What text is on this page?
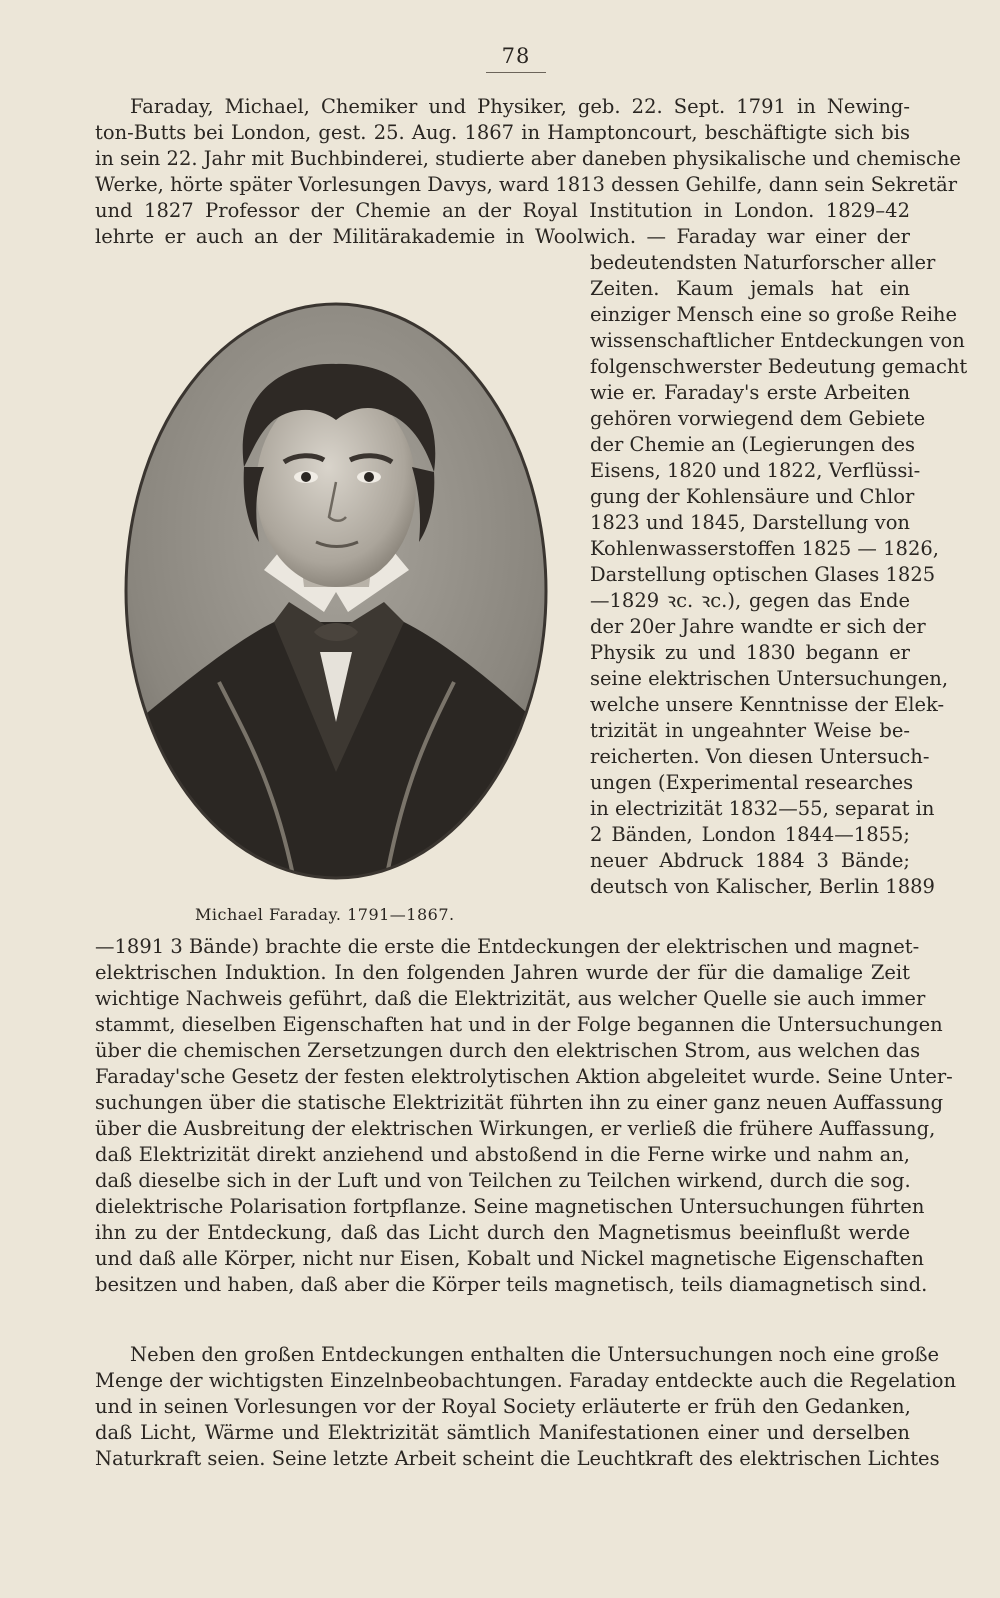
78
Faraday, Michael, Chemiker und Physiker, geb. 22. Sept. 1791 in Newing-
ton-Butts bei London, gest. 25. Aug. 1867 in Hamptoncourt, beschäftigte sich bis
in sein 22. Jahr mit Buchbinderei, studierte aber daneben physikalische und chemische
Werke, hörte später Vorlesungen Davys, ward 1813 dessen Gehilfe, dann sein Sekretär
und 1827 Professor der Chemie an der Royal Institution in London. 1829–42
lehrte er auch an der Militärakademie in Woolwich. — Faraday war einer der
bedeutendsten Naturforscher aller
Zeiten. Kaum jemals hat ein
einziger Mensch eine so große Reihe
wissenschaftlicher Entdeckungen von
folgenschwerster Bedeutung gemacht
wie er. Faraday's erste Arbeiten
gehören vorwiegend dem Gebiete
der Chemie an (Legierungen des
Eisens, 1820 und 1822, Verflüssi-
gung der Kohlensäure und Chlor
1823 und 1845, Darstellung von
Kohlenwasserstoffen 1825 — 1826,
Darstellung optischen Glases 1825
—1829 ꝛc. ꝛc.), gegen das Ende
der 20er Jahre wandte er sich der
Physik zu und 1830 begann er
seine elektrischen Untersuchungen,
welche unsere Kenntnisse der Elek-
trizität in ungeahnter Weise be-
reicherten. Von diesen Untersuch-
ungen (Experimental researches
in electrizität 1832—55, separat in
2 Bänden, London 1844—1855;
neuer Abdruck 1884 3 Bände;
deutsch von Kalischer, Berlin 1889
—1891 3 Bände) brachte die erste die Entdeckungen der elektrischen und magnet-
elektrischen Induktion. In den folgenden Jahren wurde der für die damalige Zeit
wichtige Nachweis geführt, daß die Elektrizität, aus welcher Quelle sie auch immer
stammt, dieselben Eigenschaften hat und in der Folge begannen die Untersuchungen
über die chemischen Zersetzungen durch den elektrischen Strom, aus welchen das
Faraday'sche Gesetz der festen elektrolytischen Aktion abgeleitet wurde. Seine Unter-
suchungen über die statische Elektrizität führten ihn zu einer ganz neuen Auffassung
über die Ausbreitung der elektrischen Wirkungen, er verließ die frühere Auffassung,
daß Elektrizität direkt anziehend und abstoßend in die Ferne wirke und nahm an,
daß dieselbe sich in der Luft und von Teilchen zu Teilchen wirkend, durch die sog.
dielektrische Polarisation fortpflanze. Seine magnetischen Untersuchungen führten
ihn zu der Entdeckung, daß das Licht durch den Magnetismus beeinflußt werde
und daß alle Körper, nicht nur Eisen, Kobalt und Nickel magnetische Eigenschaften
besitzen und haben, daß aber die Körper teils magnetisch, teils diamagnetisch sind.
Neben den großen Entdeckungen enthalten die Untersuchungen noch eine große
Menge der wichtigsten Einzelnbeobachtungen. Faraday entdeckte auch die Regelation
und in seinen Vorlesungen vor der Royal Society erläuterte er früh den Gedanken,
daß Licht, Wärme und Elektrizität sämtlich Manifestationen einer und derselben
Naturkraft seien. Seine letzte Arbeit scheint die Leuchtkraft des elektrischen Lichtes
Michael Faraday. 1791—1867.
